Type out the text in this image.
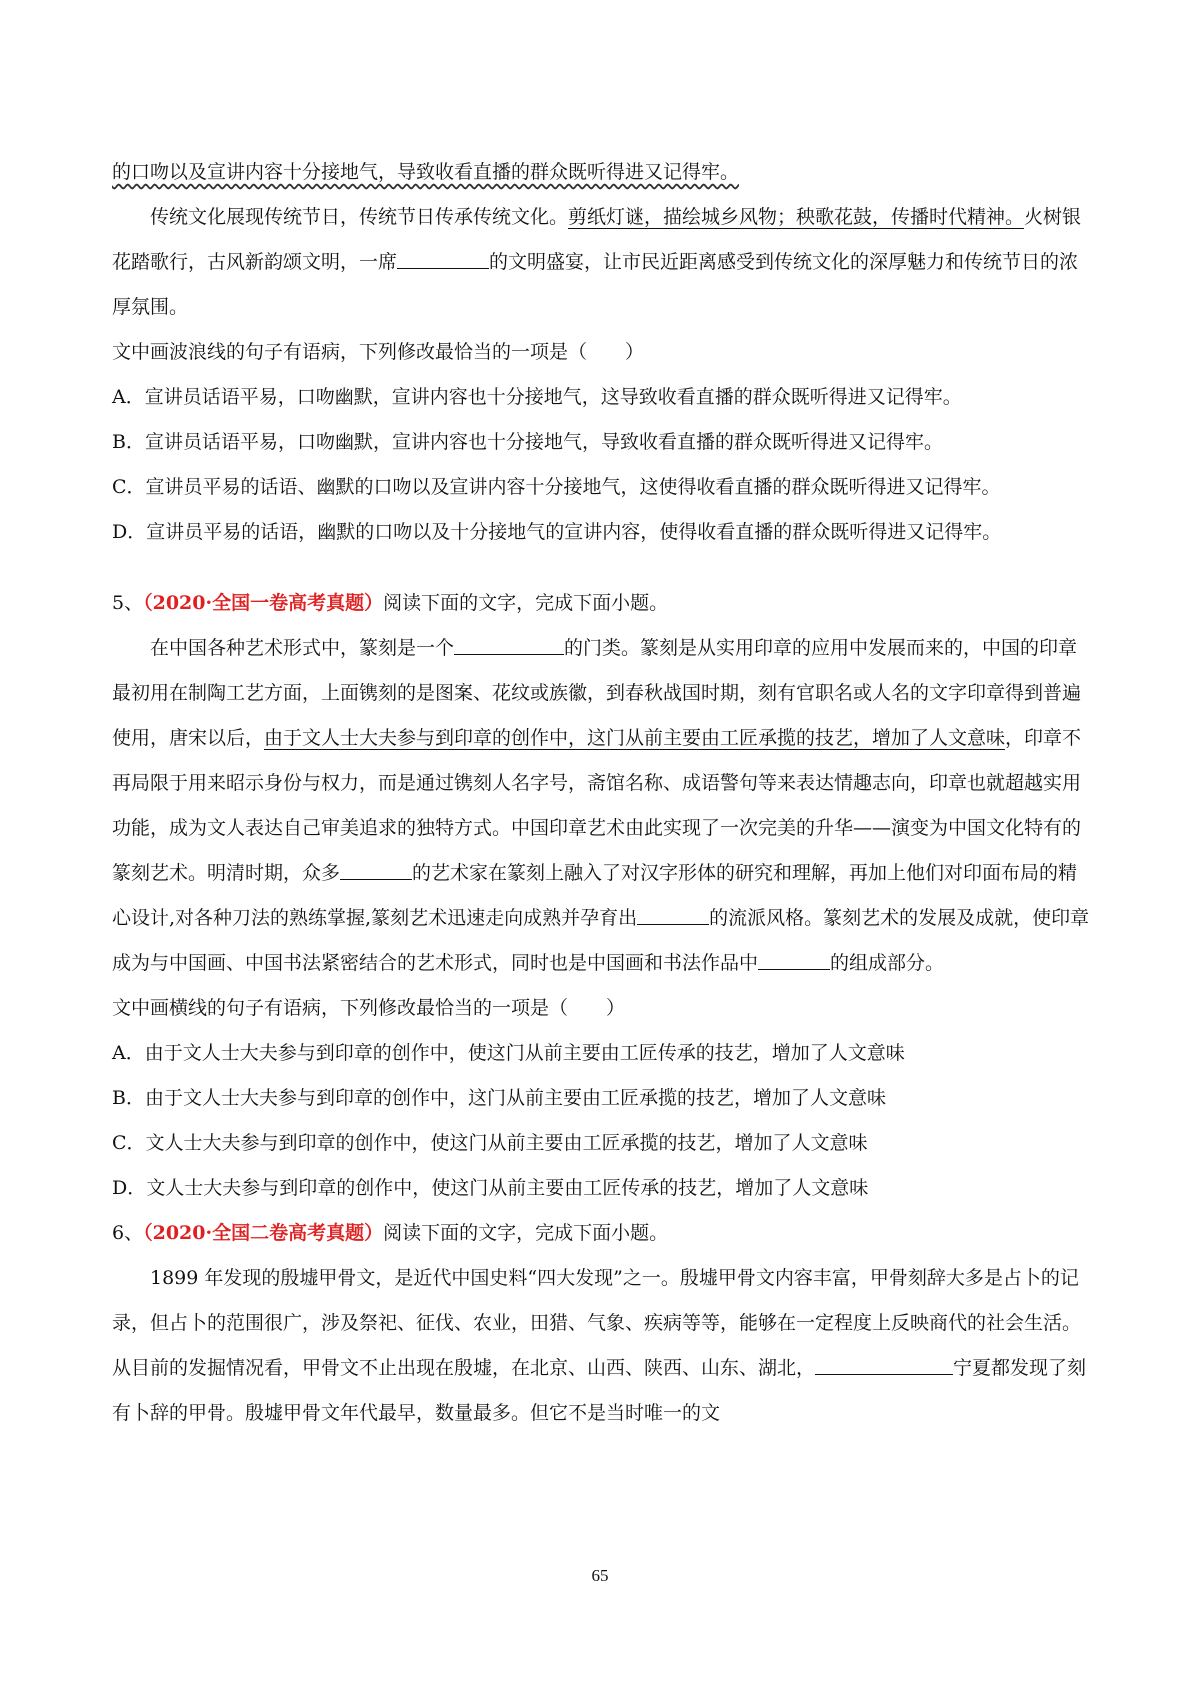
的口吻以及宣讲内容十分接地气，导致收看直播的群众既听得进又记得牢。

传统文化展现传统节日，传统节日传承传统文化。剪纸灯谜，描绘城乡风物；秧歌花鼓，传播时代精神。火树银花踏歌行，古风新韵颂文明，一席	的文明盛宴，让市民近距离感受到传统文化的深厚魅力和传统节日的浓厚氛围。

文中画波浪线的句子有语病，下列修改最恰当的一项是（　　）

A．宣讲员话语平易，口吻幽默，宣讲内容也十分接地气，这导致收看直播的群众既听得进又记得牢。

B．宣讲员话语平易，口吻幽默，宣讲内容也十分接地气，导致收看直播的群众既听得进又记得牢。

C．宣讲员平易的话语、幽默的口吻以及宣讲内容十分接地气，这使得收看直播的群众既听得进又记得牢。

D．宣讲员平易的话语，幽默的口吻以及十分接地气的宣讲内容，使得收看直播的群众既听得进又记得牢。

5、（2020·全国一卷高考真题）阅读下面的文字，完成下面小题。

在中国各种艺术形式中，篆刻是一个	的门类。篆刻是从实用印章的应用中发展而来的，中国的印章最初用在制陶工艺方面，上面镌刻的是图案、花纹或族徽，到春秋战国时期，刻有官职名或人名的文字印章得到普遍使用，唐宋以后，由于文人士大夫参与到印章的创作中，这门从前主要由工匠承揽的技艺，增加了人文意味，印章不再局限于用来昭示身份与权力，而是通过镌刻人名字号，斋馆名称、成语警句等来表达情趣志向，印章也就超越实用功能，成为文人表达自己审美追求的独特方式。中国印章艺术由此实现了一次完美的升华——演变为中国文化特有的篆刻艺术。明清时期，众多	的艺术家在篆刻上融入了对汉字形体的研究和理解，再加上他们对印面布局的精心设计,对各种刀法的熟练掌握,篆刻艺术迅速走向成熟并孕育出	的流派风格。篆刻艺术的发展及成就，使印章成为与中国画、中国书法紧密结合的艺术形式，同时也是中国画和书法作品中	的组成部分。

文中画横线的句子有语病，下列修改最恰当的一项是（　　）

A．由于文人士大夫参与到印章的创作中，使这门从前主要由工匠传承的技艺，增加了人文意味

B．由于文人士大夫参与到印章的创作中，这门从前主要由工匠承揽的技艺，增加了人文意味

C．文人士大夫参与到印章的创作中，使这门从前主要由工匠承揽的技艺，增加了人文意味

D．文人士大夫参与到印章的创作中，使这门从前主要由工匠传承的技艺，增加了人文意味

6、（2020·全国二卷高考真题）阅读下面的文字，完成下面小题。

1899 年发现的殷墟甲骨文，是近代中国史料“四大发现”之一。殷墟甲骨文内容丰富，甲骨刻辞大多是占卜的记录，但占卜的范围很广，涉及祭祀、征伐、农业，田猎、气象、疾病等等，能够在一定程度上反映商代的社会生活。从目前的发掘情况看，甲骨文不止出现在殷墟，在北京、山西、陕西、山东、湖北，	宁夏都发现了刻有卜辞的甲骨。殷墟甲骨文年代最早，数量最多。但它不是当时唯一的文

65
